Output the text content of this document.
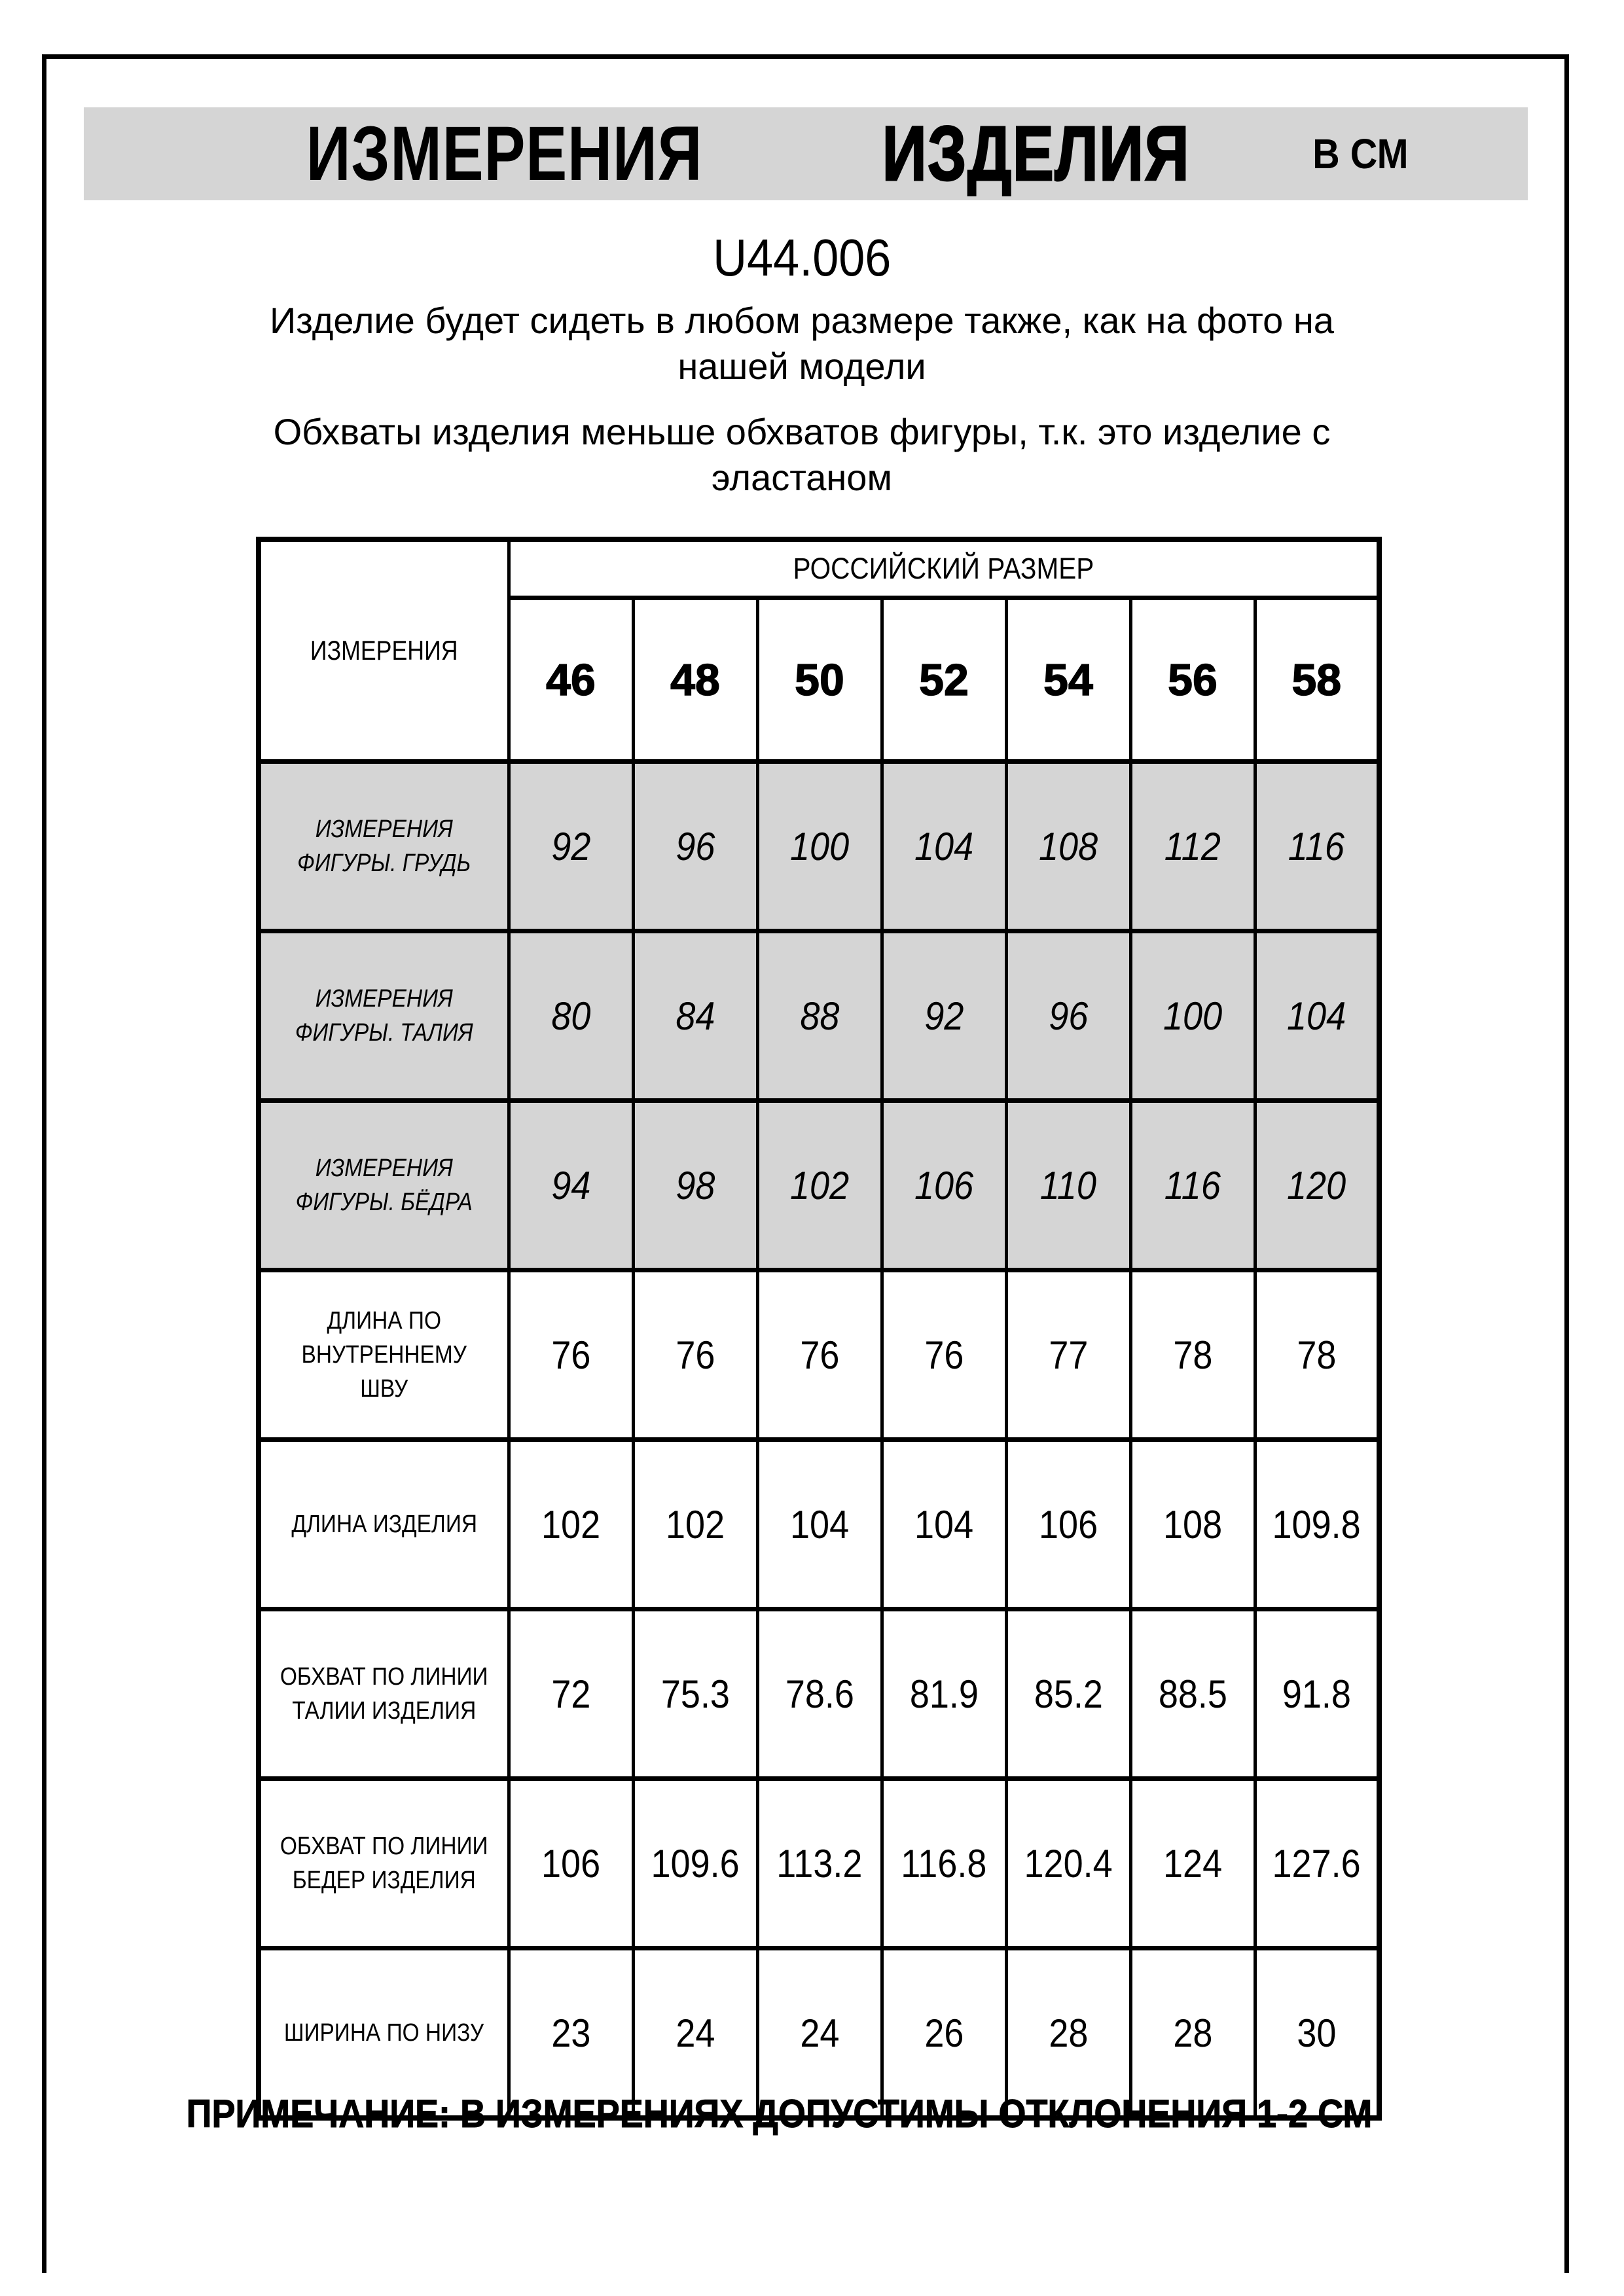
ИЗМЕРЕНИЯ ИЗДЕЛИЯ	В СМ
U44.006
Изделие будет сидеть в любом размере также, как на фото на
нашей модели
Обхваты изделия меньше обхватов фигуры, т.к. это изделие с
эластаном
ИЗМЕРЕНИЯ	РОССИЙСКИЙ РАЗМЕР						
	46	48	50	52	54	56	58
ИЗМЕРЕНИЯ ФИГУРЫ. ГРУДЬ	92	96	100	104	108	112	116
ИЗМЕРЕНИЯ ФИГУРЫ. ТАЛИЯ	80	84	88	92	96	100	104
ИЗМЕРЕНИЯ ФИГУРЫ. БЁДРА	94	98	102	106	110	116	120
ДЛИНА ПО ВНУТРЕННЕМУ ШВУ	76	76	76	76	77	78	78
ДЛИНА ИЗДЕЛИЯ	102	102	104	104	106	108	109.8
ОБХВАТ ПО ЛИНИИ ТАЛИИ ИЗДЕЛИЯ	72	75.3	78.6	81.9	85.2	88.5	91.8
ОБХВАТ ПО ЛИНИИ БЕДЕР ИЗДЕЛИЯ	106	109.6	113.2	116.8	120.4	124	127.6
ШИРИНА ПО НИЗУ	23	24	24	26	28	28	30
ПРИМЕЧАНИЕ: В ИЗМЕРЕНИЯХ ДОПУСТИМЫ ОТКЛОНЕНИЯ 1-2 СМ
